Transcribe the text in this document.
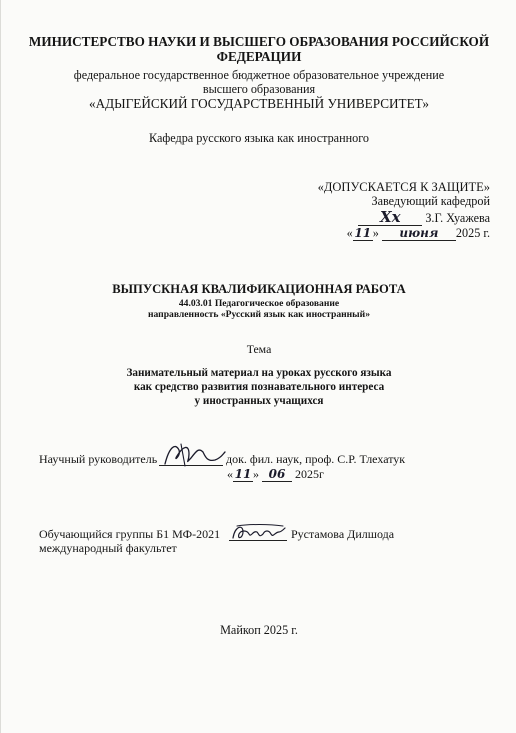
МИНИСТЕРСТВО НАУКИ И ВЫСШЕГО ОБРАЗОВАНИЯ РОССИЙСКОЙ
ФЕДЕРАЦИИ
федеральное государственное бюджетное образовательное учреждение
высшего образования
«АДЫГЕЙСКИЙ ГОСУДАРСТВЕННЫЙ УНИВЕРСИТЕТ»
Кафедра русского языка как иностранного
«ДОПУСКАЕТСЯ К ЗАЩИТЕ»
Заведующий кафедрой
Хх З.Г. Хуажева
« 11 » июня 2025 г.
ВЫПУСКНАЯ КВАЛИФИКАЦИОННАЯ РАБОТА
44.03.01 Педагогическое образование
направленность «Русский язык как иностранный»
Тема
Занимательный материал на уроках русского языка
как средство развития познавательного интереса
у иностранных учащихся
Научный руководитель	док. фил. наук, проф. С.Р. Тлехатук
« 11 » 06 2025г
Обучающийся группы Б1 МФ-2021	Рустамова Дилшода
международный факультет
Майкоп 2025 г.
